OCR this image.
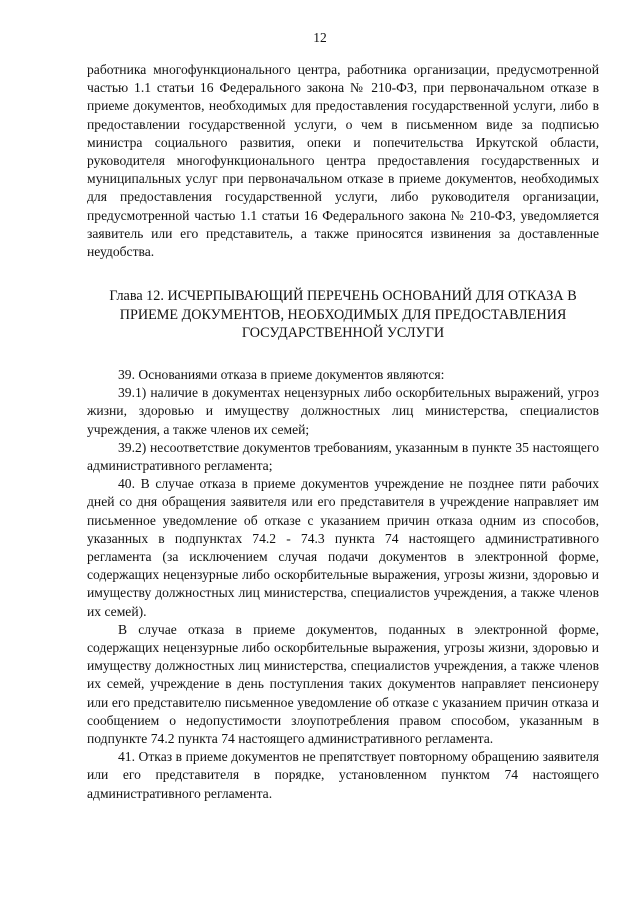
12

работника многофункционального центра, работника организации, предусмотренной частью 1.1 статьи 16 Федерального закона № 210-ФЗ, при первоначальном отказе в приеме документов, необходимых для предоставления государственной услуги, либо в предоставлении государственной услуги, о чем в письменном виде за подписью министра социального развития, опеки и попечительства Иркутской области, руководителя многофункционального центра предоставления государственных и муниципальных услуг при первоначальном отказе в приеме документов, необходимых для предоставления государственной услуги, либо руководителя организации, предусмотренной частью 1.1 статьи 16 Федерального закона № 210-ФЗ, уведомляется заявитель или его представитель, а также приносятся извинения за доставленные неудобства.

Глава 12. ИСЧЕРПЫВАЮЩИЙ ПЕРЕЧЕНЬ ОСНОВАНИЙ ДЛЯ ОТКАЗА В ПРИЕМЕ ДОКУМЕНТОВ, НЕОБХОДИМЫХ ДЛЯ ПРЕДОСТАВЛЕНИЯ ГОСУДАРСТВЕННОЙ УСЛУГИ

39. Основаниями отказа в приеме документов являются:

39.1) наличие в документах нецензурных либо оскорбительных выражений, угроз жизни, здоровью и имуществу должностных лиц министерства, специалистов учреждения, а также членов их семей;

39.2) несоответствие документов требованиям, указанным в пункте 35 настоящего административного регламента;

40. В случае отказа в приеме документов учреждение не позднее пяти рабочих дней со дня обращения заявителя или его представителя в учреждение направляет им письменное уведомление об отказе с указанием причин отказа одним из способов, указанных в подпунктах 74.2 - 74.3 пункта 74 настоящего административного регламента (за исключением случая подачи документов в электронной форме, содержащих нецензурные либо оскорбительные выражения, угрозы жизни, здоровью и имуществу должностных лиц министерства, специалистов учреждения, а также членов их семей).

В случае отказа в приеме документов, поданных в электронной форме, содержащих нецензурные либо оскорбительные выражения, угрозы жизни, здоровью и имуществу должностных лиц министерства, специалистов учреждения, а также членов их семей, учреждение в день поступления таких документов направляет пенсионеру или его представителю письменное уведомление об отказе с указанием причин отказа и сообщением о недопустимости злоупотребления правом способом, указанным в подпункте 74.2 пункта 74 настоящего административного регламента.

41. Отказ в приеме документов не препятствует повторному обращению заявителя или его представителя в порядке, установленном пунктом 74 настоящего административного регламента.
